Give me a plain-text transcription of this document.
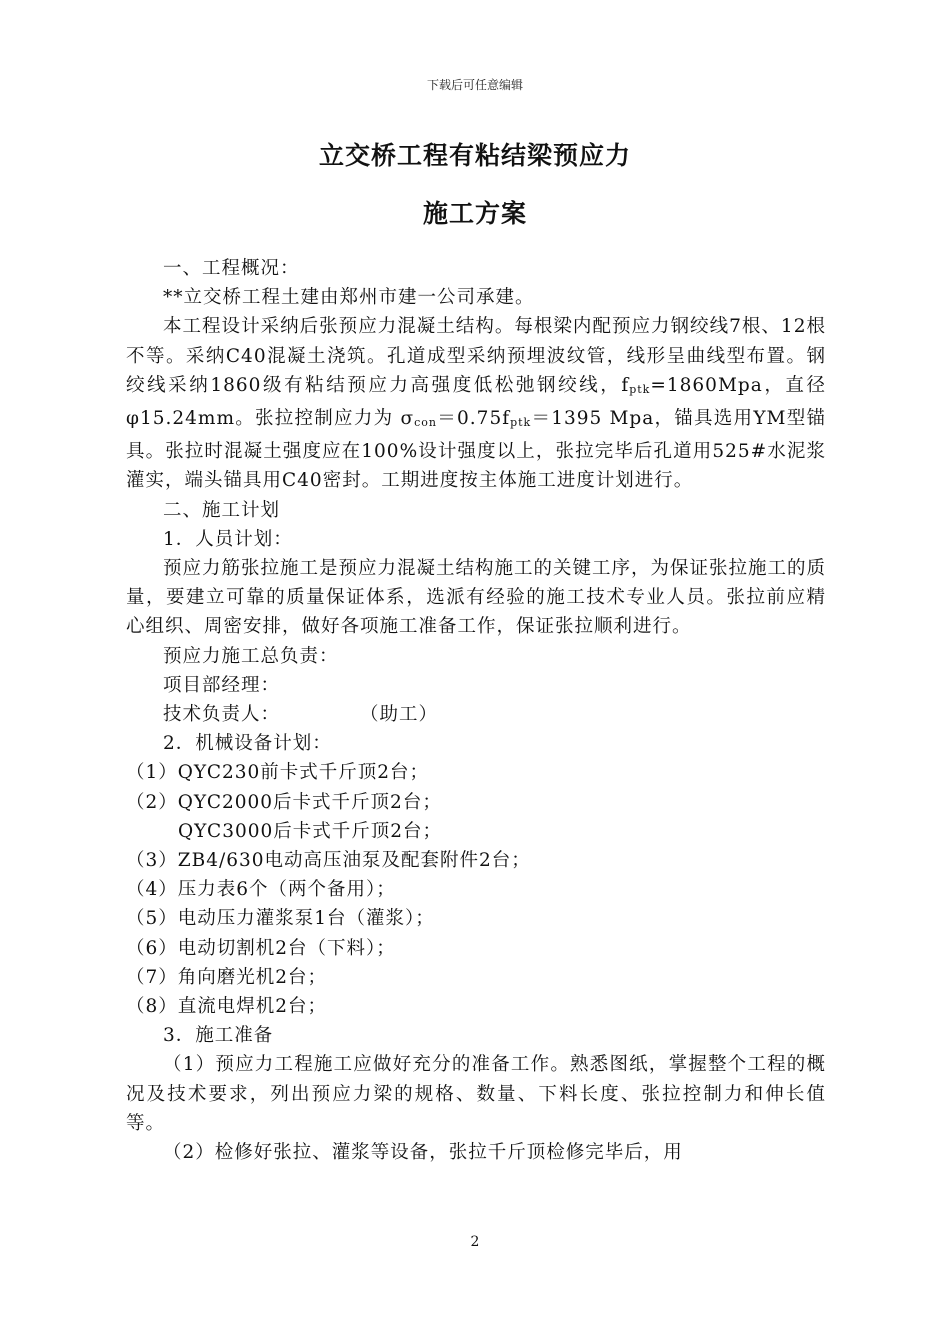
下载后可任意编辑
立交桥工程有粘结梁预应力
施工方案

一、工程概况：

**立交桥工程土建由郑州市建一公司承建。

本工程设计采纳后张预应力混凝土结构。每根梁内配预应力钢绞线7根、12根不等。采纳C40混凝土浇筑。孔道成型采纳预埋波纹管，线形呈曲线型布置。钢绞线采纳1860级有粘结预应力高强度低松弛钢绞线，fptk=1860Mpa，直径 φ15.24mm。张拉控制应力为 σcon＝0.75fptk＝1395 Mpa，锚具选用YM型锚具。张拉时混凝土强度应在100%设计强度以上，张拉完毕后孔道用525#水泥浆灌实，端头锚具用C40密封。工期进度按主体施工进度计划进行。

二、施工计划

1．人员计划：

预应力筋张拉施工是预应力混凝土结构施工的关键工序，为保证张拉施工的质量，要建立可靠的质量保证体系，选派有经验的施工技术专业人员。张拉前应精心组织、周密安排，做好各项施工准备工作，保证张拉顺利进行。

预应力施工总负责：

项目部经理：

技术负责人：	（助工）

2．机械设备计划：

（1）QYC230前卡式千斤顶2台；

（2）QYC2000后卡式千斤顶2台；

QYC3000后卡式千斤顶2台；

（3）ZB4/630电动高压油泵及配套附件2台；

（4）压力表6个（两个备用）；

（5）电动压力灌浆泵1台（灌浆）；

（6）电动切割机2台（下料）；

（7）角向磨光机2台；

（8）直流电焊机2台；

3．施工准备

（1）预应力工程施工应做好充分的准备工作。熟悉图纸，掌握整个工程的概况及技术要求，列出预应力梁的规格、数量、下料长度、张拉控制力和伸长值等。

（2）检修好张拉、灌浆等设备，张拉千斤顶检修完毕后，用

2
